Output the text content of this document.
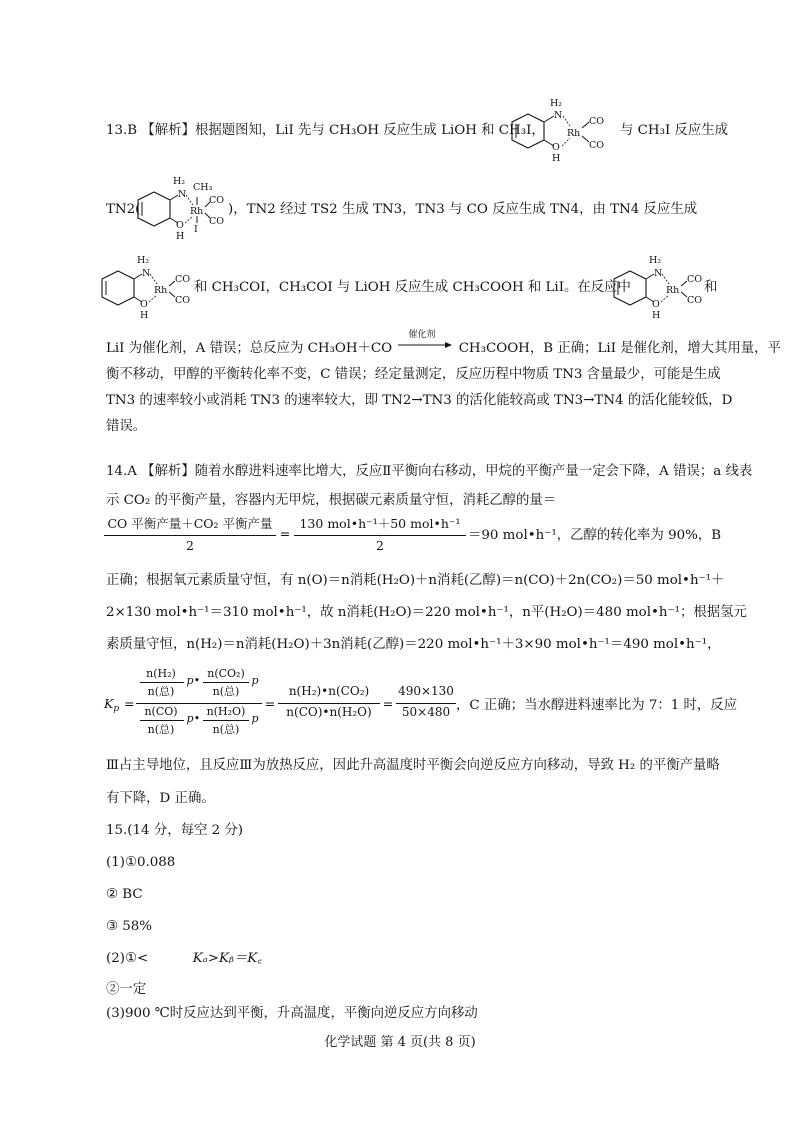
13.B 【解析】根据题图知，LiI 先与 CH₃OH 反应生成 LiOH 和 CH₃I，
H₂
N
O
H
Rh
CO
CO
与 CH₃I 反应生成
TN2(
H₂
N
O
H
Rh
CH₃
I
CO
CO
)，TN2 经过 TS2 生成 TN3，TN3 与 CO 反应生成 TN4，由 TN4 反应生成
H₂
N
O
H
Rh
CO
CO
和 CH₃COI，CH₃COI 与 LiOH 反应生成 CH₃COOH 和 LiI。在反应中
H₂
N
O
H
Rh
CO
CO
和
LiI 为催化剂，A 错误；总反应为 CH₃OH＋CO
催化剂
CH₃COOH，B 正确；LiI 是催化剂，增大其用量，平
衡不移动，甲醇的平衡转化率不变，C 错误；经定量测定，反应历程中物质 TN3 含量最少，可能是生成
TN3 的速率较小或消耗 TN3 的速率较大，即 TN2→TN3 的活化能较高或 TN3→TN4 的活化能较低，D
错误。
14.A 【解析】随着水醇进料速率比增大，反应Ⅱ平衡向右移动，甲烷的平衡产量一定会下降，A 错误；a 线表
示 CO₂ 的平衡产量，容器内无甲烷，根据碳元素质量守恒，消耗乙醇的量＝
CO 平衡产量＋CO₂ 平衡产量
2
=
130 mol•h⁻¹＋50 mol•h⁻¹
2
＝90 mol•h⁻¹，乙醇的转化率为 90%，B
正确；根据氧元素质量守恒，有 n(O)＝n消耗(H₂O)＋n消耗(乙醇)＝n(CO)＋2n(CO₂)＝50 mol•h⁻¹＋
2×130 mol•h⁻¹＝310 mol•h⁻¹，故 n消耗(H₂O)＝220 mol•h⁻¹，n平(H₂O)＝480 mol•h⁻¹；根据氢元
素质量守恒，n(H₂)＝n消耗(H₂O)＋3n消耗(乙醇)＝220 mol•h⁻¹＋3×90 mol•h⁻¹＝490 mol•h⁻¹，
$K_p$ =
n(H₂)
n(总)
p •
n(CO₂)
n(总)
p
n(CO)
n(总)
p •
n(H₂O)
n(总)
p
=
n(H₂)•n(CO₂)
n(CO)•n(H₂O)
=
490×130
50×480 ，C 正确；当水醇进料速率比为 7：1 时，反应
Ⅲ占主导地位，且反应Ⅲ为放热反应，因此升高温度时平衡会向逆反应方向移动，导致 H₂ 的平衡产量略
有下降，D 正确。
15.(14 分，每空 2 分)
(1)①0.088
② BC
③ 58%
(2)①<	Kₐ>Kᵦ＝K꜀
②一定
(3)900 ℃时反应达到平衡，升高温度，平衡向逆反应方向移动
化学试题 第 4 页(共 8 页)
